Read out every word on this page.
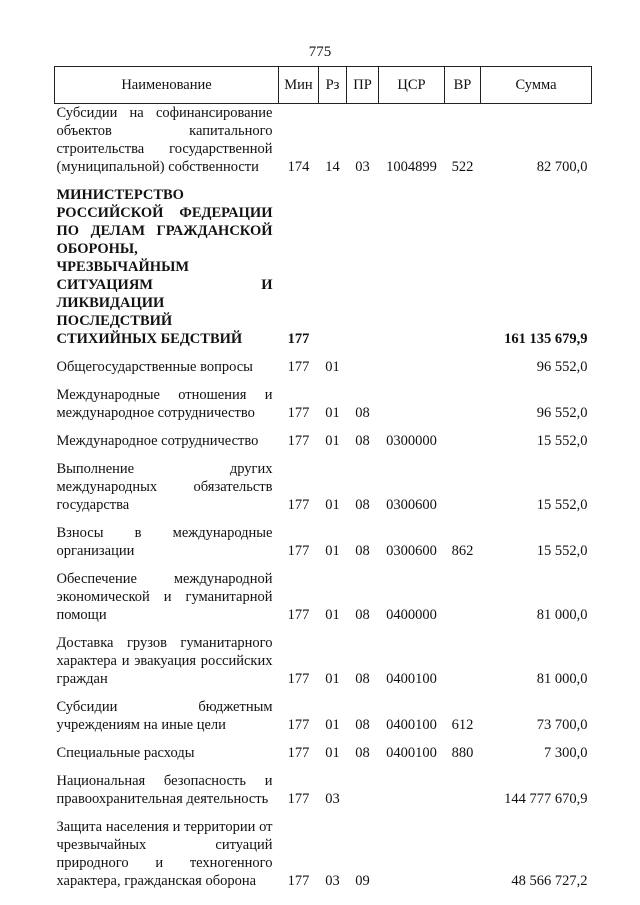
775
Наименование	Мин	Рз	ПР	ЦСР	ВР	Сумма
Субсидии на софинансирование объектов капитального строительства государственной (муниципальной) собственности	174	14	03	1004899	522	82 700,0
МИНИСТЕРСТВО РОССИЙСКОЙ ФЕДЕРАЦИИ ПО ДЕЛАМ ГРАЖДАНСКОЙ ОБОРОНЫ, ЧРЕЗВЫЧАЙНЫМ СИТУАЦИЯМ И ЛИКВИДАЦИИ ПОСЛЕДСТВИЙ СТИХИЙНЫХ БЕДСТВИЙ	177					161 135 679,9
Общегосударственные вопросы	177	01				96 552,0
Международные отношения и международное сотрудничество	177	01	08			96 552,0
Международное сотрудничество	177	01	08	0300000		15 552,0
Выполнение других международных обязательств государства	177	01	08	0300600		15 552,0
Взносы в международные организации	177	01	08	0300600	862	15 552,0
Обеспечение международной экономической и гуманитарной помощи	177	01	08	0400000		81 000,0
Доставка грузов гуманитарного характера и эвакуация российских граждан	177	01	08	0400100		81 000,0
Субсидии бюджетным учреждениям на иные цели	177	01	08	0400100	612	73 700,0
Специальные расходы	177	01	08	0400100	880	7 300,0
Национальная безопасность и правоохранительная деятельность	177	03				144 777 670,9
Защита населения и территории от чрезвычайных ситуаций природного и техногенного характера, гражданская оборона	177	03	09			48 566 727,2
